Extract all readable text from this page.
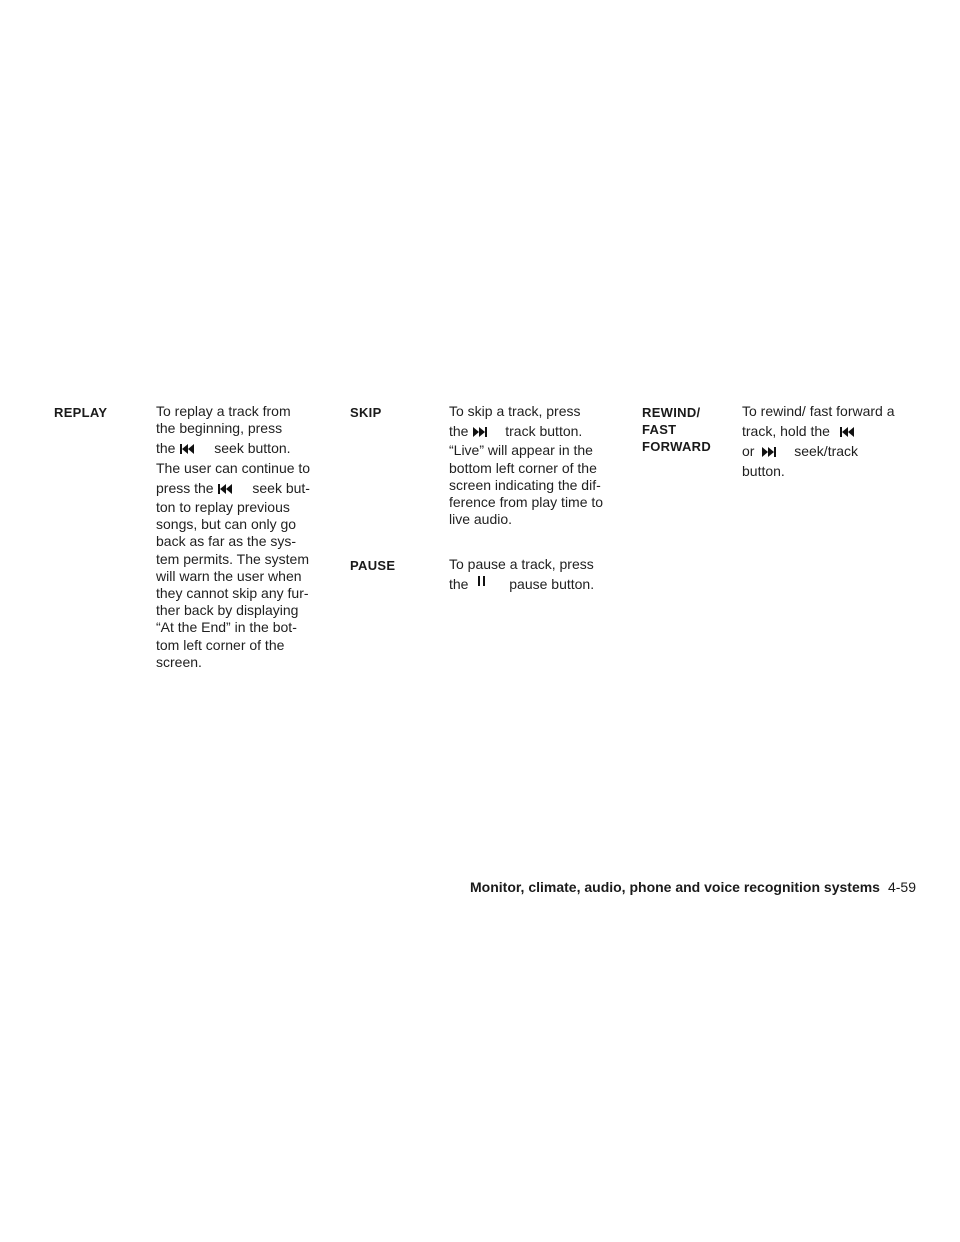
REPLAY	To replay a track from
the beginning, press
the	seek button.
The user can continue to
press the	seek but-
ton to replay previous
songs, but can only go
back as far as the sys-
tem permits. The system
will warn the user when
they cannot skip any fur-
ther back by displaying
“At the End” in the bot-
tom left corner of the
screen.
SKIP	To skip a track, press
the	track button.
“Live” will appear in the
bottom left corner of the
screen indicating the dif-
ference from play time to
live audio.
PAUSE	To pause a track, press
the	pause button.
REWIND/
FAST
FORWARD
To rewind/ fast forward a
track, hold the
or	seek/track
button.
Monitor, climate, audio, phone and voice recognition systems 4-59
